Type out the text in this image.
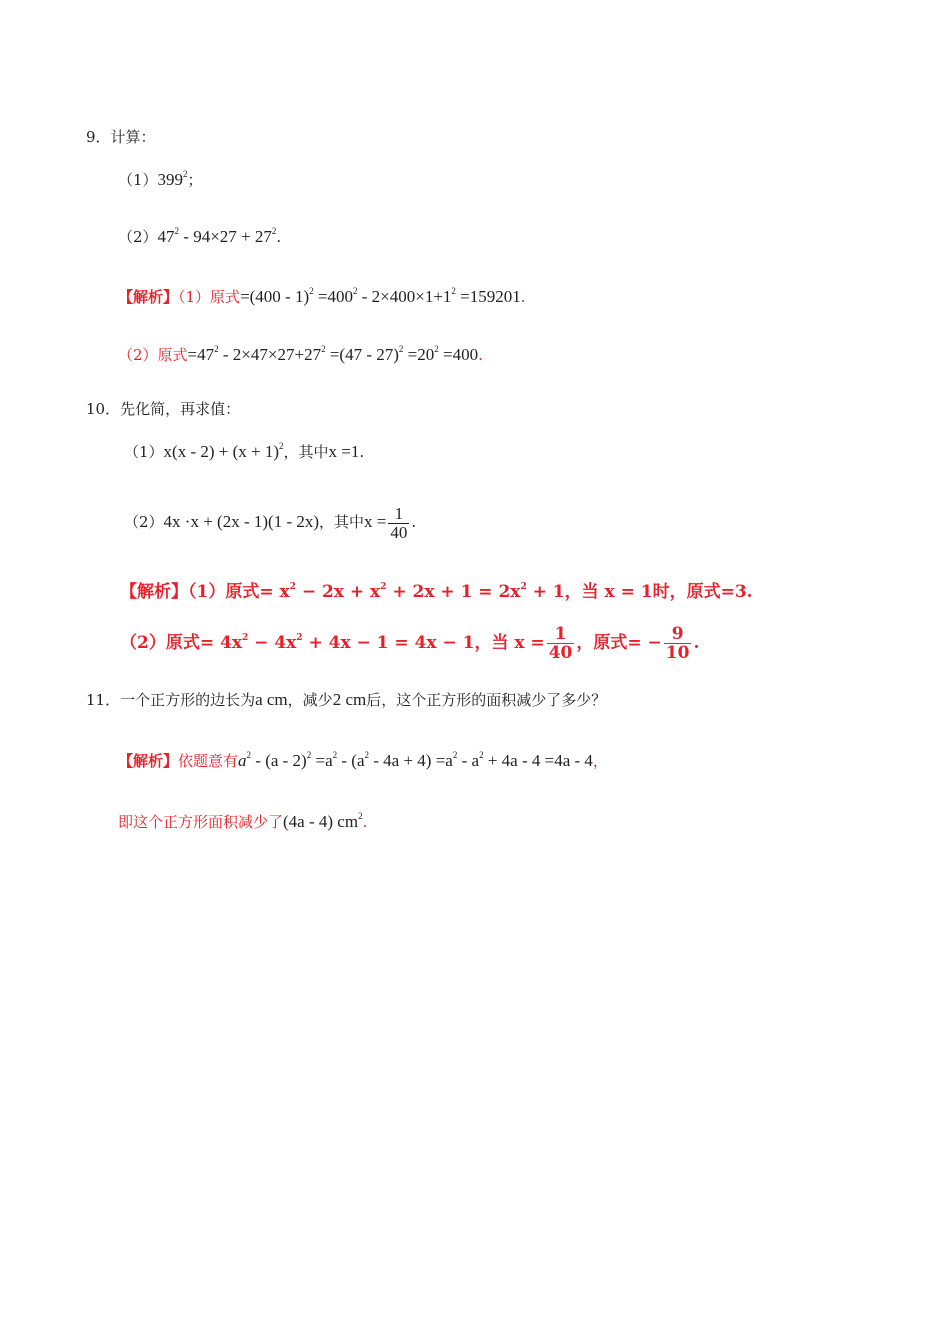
9．计算：
$(1)399^2$；
$(2)47^2 - 94\times 27 + 27^2$.
【解析】（1）原式$=(400 - 1)^2 =400^2 - 2\times 400\times 1+1^2 =159201$.
（2）原式$=47^2 - 2\times 47\times 27+27^2 =(47 - 27)^2 =20^2 =400$.
10．先化简，再求值：
$(1)x(x - 2) + (x + 1)^2$，其中x =1.
（2）4x ·x + (2x - 1)(1 - 2x)，其中$x = \frac{1}{40}$ .
【解析】（1）原式= $x^2 - 2x + x^2 + 2x + 1 = 2x^2 + 1$，当 x = 1时，原式=3.
（2）原式= $4x^2 - 4x^2 + 4x - 1 = 4x - 1$，当 $x = \frac{1}{40}$ ，原式= − $\frac{9}{10}$ .
11．一个正方形的边长为a cm，减少2 cm后，这个正方形的面积减少了多少？
【解析】依题意有$a^2 - (a - 2)^2 =a^2 - (a^2 - 4a + 4) =a^2 - a^2 + 4a - 4 =4a - 4$，
即这个正方形面积减少了(4a - 4) $cm^2$.
